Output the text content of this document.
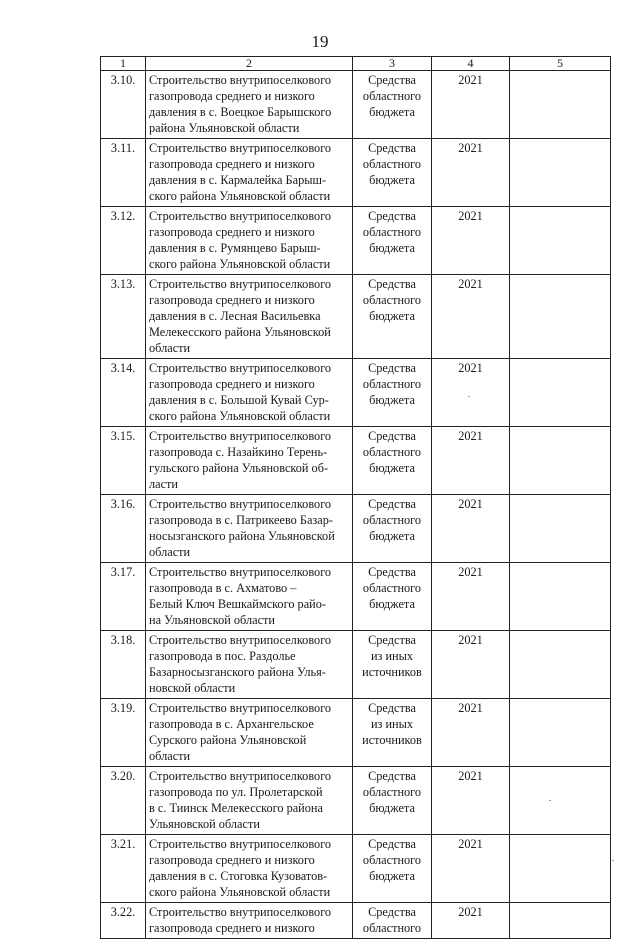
19
1	2	3	4	5
3.10.	Строительство внутрипоселкового
газопровода среднего и низкого
давления в с. Воецкое Барышского
района Ульяновской области	Средства
областного
бюджета	2021	
3.11.	Строительство внутрипоселкового
газопровода среднего и низкого
давления в с. Кармалейка Барыш-
ского района Ульяновской области	Средства
областного
бюджета	2021	
3.12.	Строительство внутрипоселкового
газопровода среднего и низкого
давления в с. Румянцево Барыш-
ского района Ульяновской области	Средства
областного
бюджета	2021	
3.13.	Строительство внутрипоселкового
газопровода среднего и низкого
давления в с. Лесная Васильевка
Мелекесского района Ульяновской
области	Средства
областного
бюджета	2021	
3.14.	Строительство внутрипоселкового
газопровода среднего и низкого
давления в с. Большой Кувай Сур-
ского района Ульяновской области	Средства
областного
бюджета	2021	
3.15.	Строительство внутрипоселкового
газопровода с. Назайкино Терень-
гульского района Ульяновской об-
ласти	Средства
областного
бюджета	2021	
3.16.	Строительство внутрипоселкового
газопровода в с. Патрикеево Базар-
носызганского района Ульяновской
области	Средства
областного
бюджета	2021	
3.17.	Строительство внутрипоселкового
газопровода в с. Ахматово –
Белый Ключ Вешкаймского райо-
на Ульяновской области	Средства
областного
бюджета	2021	
3.18.	Строительство внутрипоселкового
газопровода в пос. Раздолье
Базарносызганского района Улья-
новской области	Средства
из иных
источников	2021	
3.19.	Строительство внутрипоселкового
газопровода в с. Архангельское
Сурского района Ульяновской
области	Средства
из иных
источников	2021	
3.20.	Строительство внутрипоселкового
газопровода по ул. Пролетарской
в с. Тиинск Мелекесского района
Ульяновской области	Средства
областного
бюджета	2021	
3.21.	Строительство внутрипоселкового
газопровода среднего и низкого
давления в с. Стоговка Кузоватов-
ского района Ульяновской области	Средства
областного
бюджета	2021	
3.22.	Строительство внутрипоселкового
газопровода среднего и низкого	Средства
областного	2021	
